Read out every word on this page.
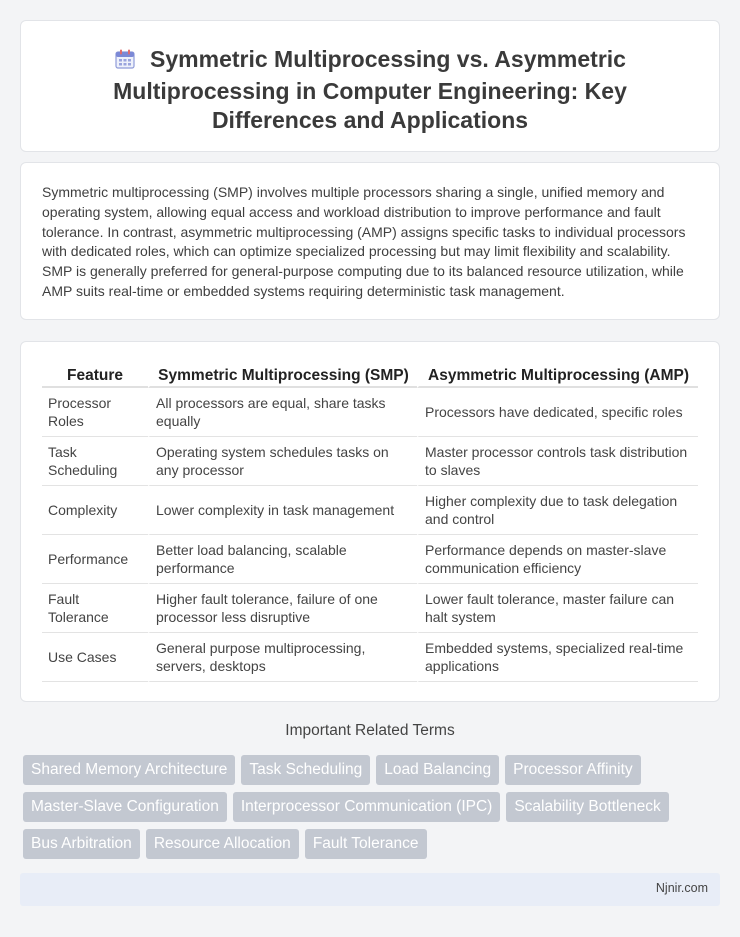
Symmetric Multiprocessing vs. Asymmetric Multiprocessing in Computer Engineering: Key Differences and Applications

Symmetric multiprocessing (SMP) involves multiple processors sharing a single, unified memory and operating system, allowing equal access and workload distribution to improve performance and fault tolerance. In contrast, asymmetric multiprocessing (AMP) assigns specific tasks to individual processors with dedicated roles, which can optimize specialized processing but may limit flexibility and scalability. SMP is generally preferred for general-purpose computing due to its balanced resource utilization, while AMP suits real-time or embedded systems requiring deterministic task management.

Feature	Symmetric Multiprocessing (SMP)	Asymmetric Multiprocessing (AMP)
Processor Roles	All processors are equal, share tasks equally	Processors have dedicated, specific roles
Task Scheduling	Operating system schedules tasks on any processor	Master processor controls task distribution to slaves
Complexity	Lower complexity in task management	Higher complexity due to task delegation and control
Performance	Better load balancing, scalable performance	Performance depends on master-slave communication efficiency
Fault Tolerance	Higher fault tolerance, failure of one processor less disruptive	Lower fault tolerance, master failure can halt system
Use Cases	General purpose multiprocessing, servers, desktops	Embedded systems, specialized real-time applications
Important Related Terms
Shared Memory Architecture	Task Scheduling	Load Balancing	Processor Affinity
Master-Slave Configuration	Interprocessor Communication (IPC)	Scalability Bottleneck
Bus Arbitration	Resource Allocation	Fault Tolerance
Njnir.com
